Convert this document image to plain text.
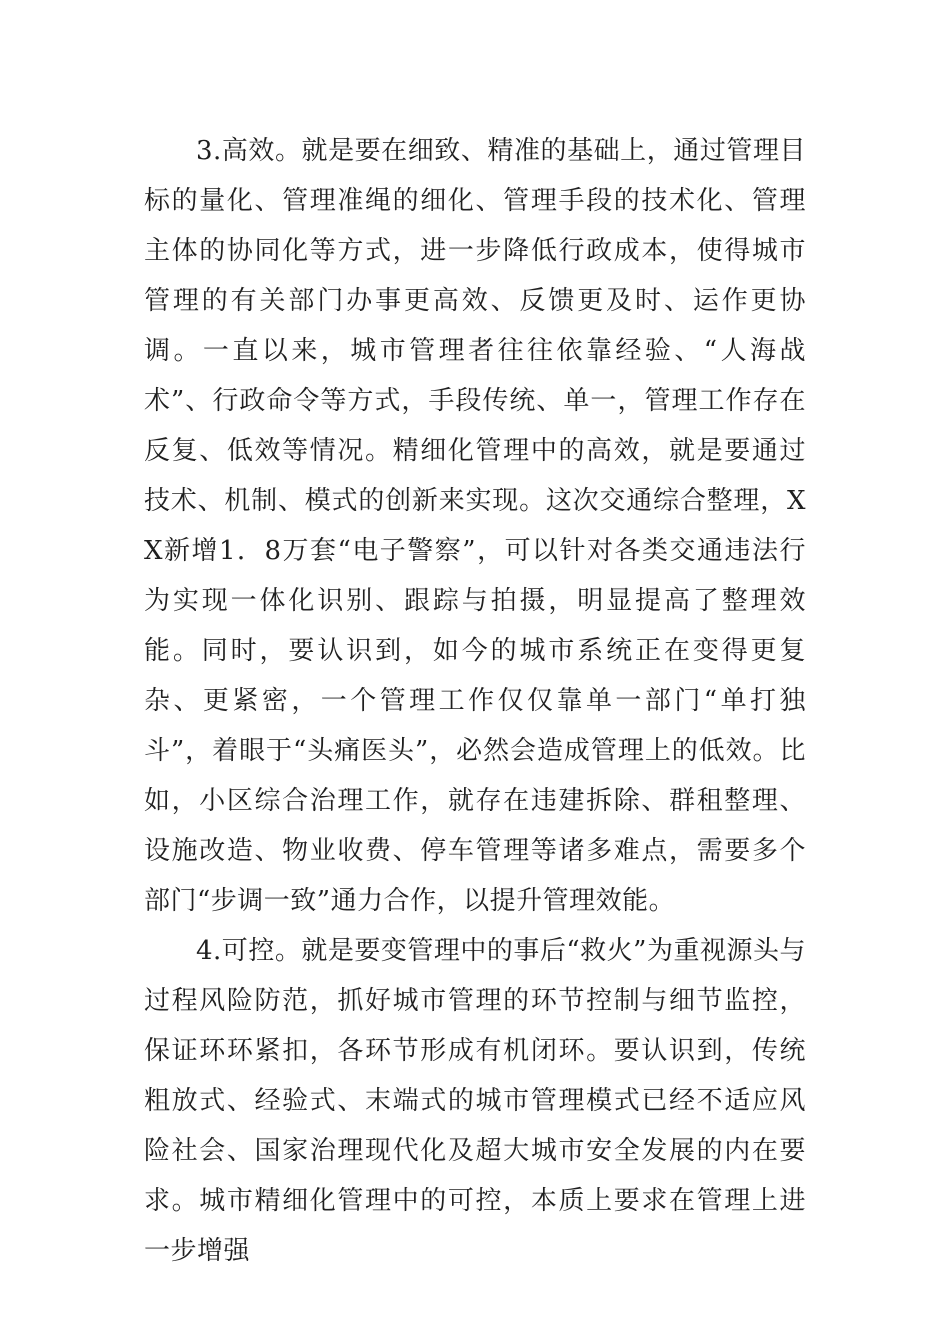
3.高效。就是要在细致、精准的基础上，通过管理目标的量化、管理准绳的细化、管理手段的技术化、管理主体的协同化等方式，进一步降低行政成本，使得城市管理的有关部门办事更高效、反馈更及时、运作更协调。一直以来，城市管理者往往依靠经验、“人海战术”、行政命令等方式，手段传统、单一，管理工作存在反复、低效等情况。精细化管理中的高效，就是要通过技术、机制、模式的创新来实现。这次交通综合整理，XX新增1．8万套“电子警察”，可以针对各类交通违法行为实现一体化识别、跟踪与拍摄，明显提高了整理效能。同时，要认识到，如今的城市系统正在变得更复杂、更紧密，一个管理工作仅仅靠单一部门“单打独斗”，着眼于“头痛医头”，必然会造成管理上的低效。比如，小区综合治理工作，就存在违建拆除、群租整理、设施改造、物业收费、停车管理等诸多难点，需要多个部门“步调一致”通力合作，以提升管理效能。

4.可控。就是要变管理中的事后“救火”为重视源头与过程风险防范，抓好城市管理的环节控制与细节监控，保证环环紧扣，各环节形成有机闭环。要认识到，传统粗放式、经验式、末端式的城市管理模式已经不适应风险社会、国家治理现代化及超大城市安全发展的内在要求。城市精细化管理中的可控，本质上要求在管理上进一步增强
